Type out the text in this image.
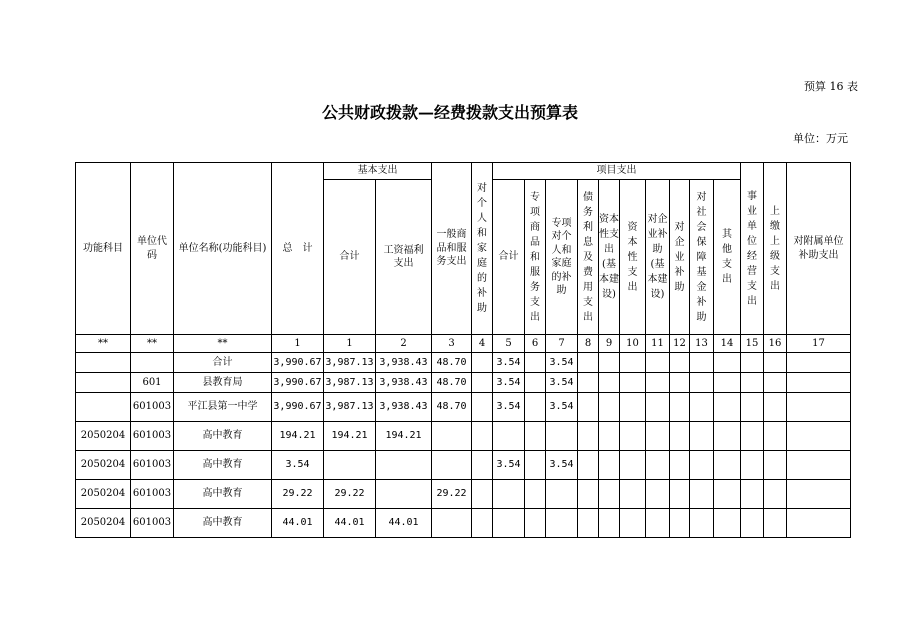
预算 16 表
公共财政拨款—经费拨款支出预算表
单位：万元
功能科目	单位代码	单位名称(功能科目)	总　计	基本支出		一般商品和服务支出	对个人和家庭的补助	项目支出										事业单位经营支出	上缴上级支出	对附属单位补助支出
				合计	工资福利支出			合计	专项商品和服务支出	专项对个人和家庭的补助	债务利息及费用支出	资本性支出(基本建设)	资本性支出	对企业补助(基本建设)	对企业补助	对社会保障基金补助	其他支出			
**	**	**	1	1	2	3	4	5	6	7	8	9	10	11	12	13	14	15	16	17
		合计	3,990.67	3,987.13	3,938.43	48.70		3.54		3.54										
	601	县教育局	3,990.67	3,987.13	3,938.43	48.70		3.54		3.54										
	601003	平江县第一中学	3,990.67	3,987.13	3,938.43	48.70		3.54		3.54										
2050204	601003	高中教育	194.21	194.21	194.21															
2050204	601003	高中教育	3.54					3.54		3.54										
2050204	601003	高中教育	29.22	29.22		29.22														
2050204	601003	高中教育	44.01	44.01	44.01															
